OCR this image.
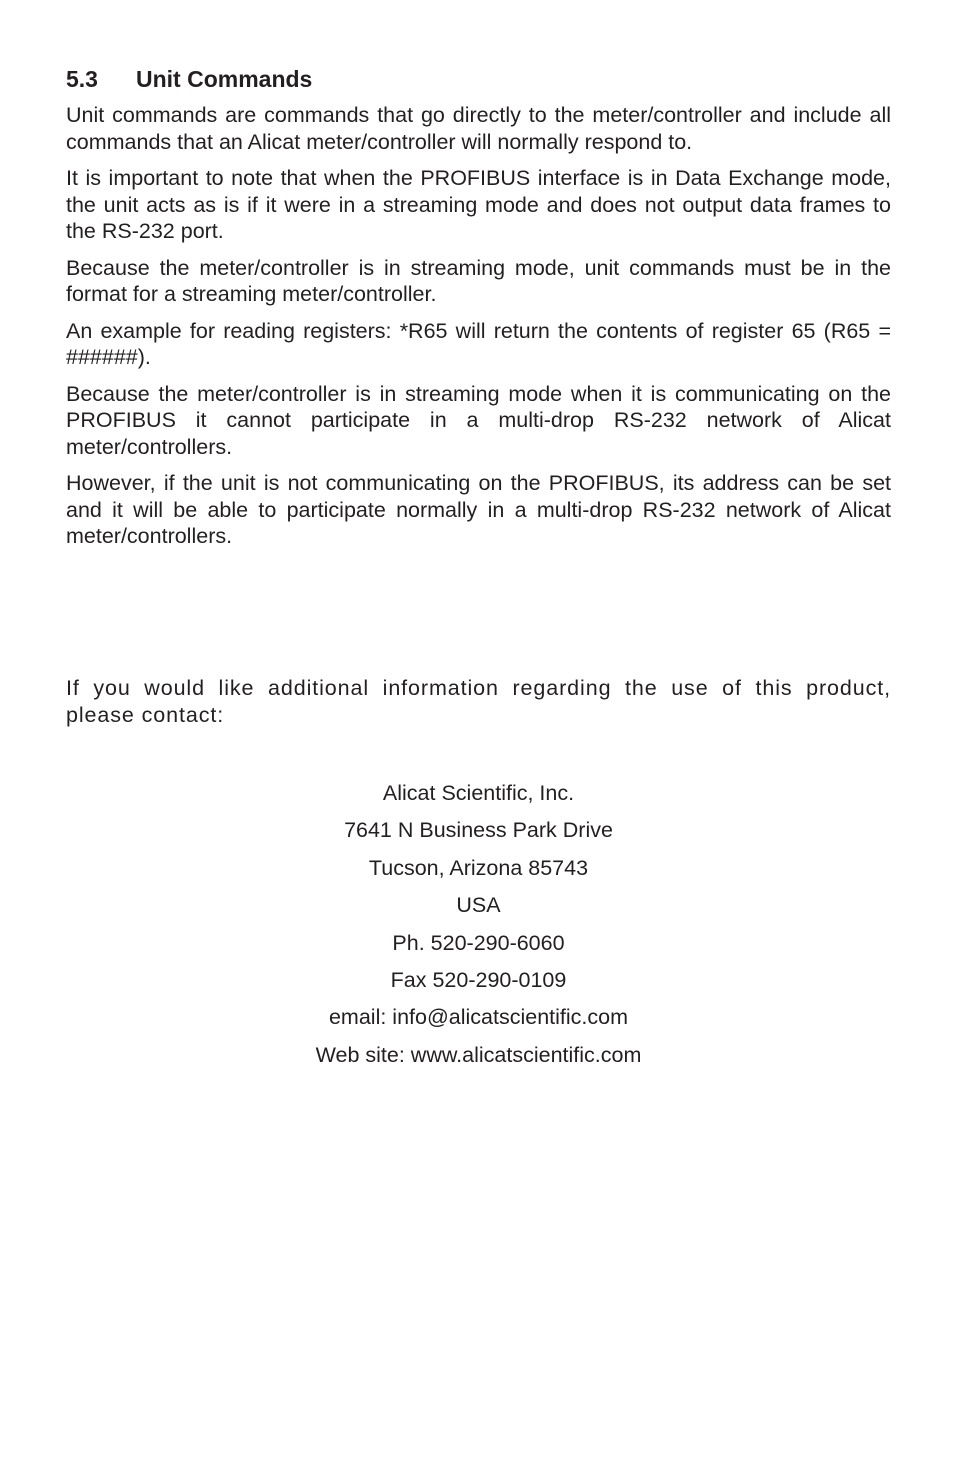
5.3	Unit Commands

Unit commands are commands that go directly to the meter/controller and include all commands that an Alicat meter/controller will normally respond to.

It is important to note that when the PROFIBUS interface is in Data Exchange mode, the unit acts as is if it were in a streaming mode and does not output data frames to the RS-232 port.

Because the meter/controller is in streaming mode, unit commands must be in the format for a streaming meter/controller.

An example for reading registers: *R65 will return the contents of register 65 (R65 = ######).

Because the meter/controller is in streaming mode when it is communicating on the PROFIBUS it cannot participate in a multi-drop RS-232 network of Alicat meter/controllers.

However, if the unit is not communicating on the PROFIBUS, its address can be set and it will be able to participate normally in a multi-drop RS-232 network of Alicat meter/controllers.

If you would like additional information regarding the use of this product, please contact:

Alicat Scientific, Inc.
7641 N Business Park Drive
Tucson, Arizona 85743
USA
Ph. 520-290-6060
Fax 520-290-0109
email: info@alicatscientific.com
Web site: www.alicatscientific.com
